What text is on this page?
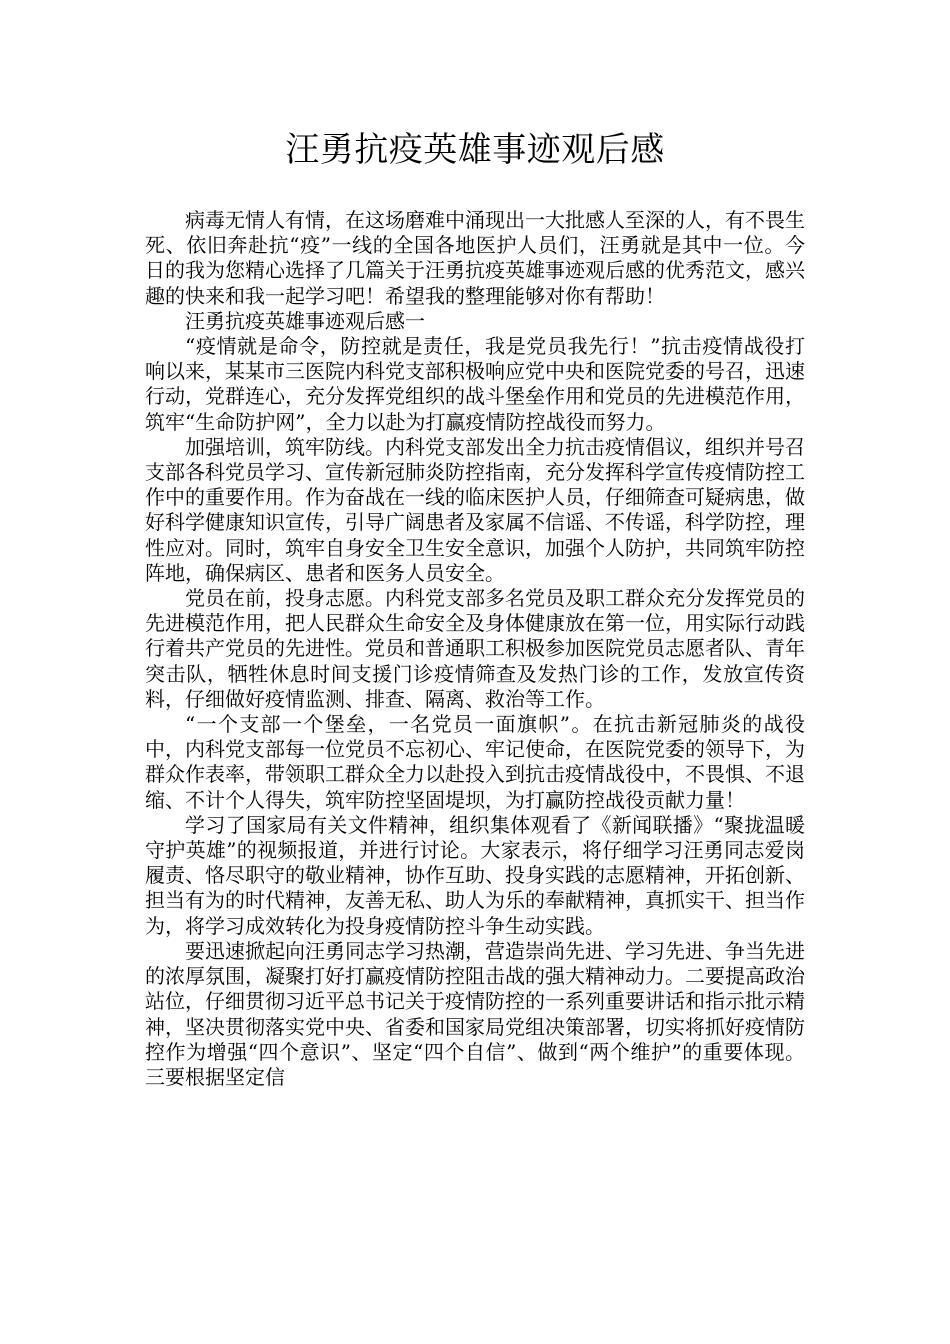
汪勇抗疫英雄事迹观后感

病毒无情人有情，在这场磨难中涌现出一大批感人至深的人，有不畏生死、依旧奔赴抗“疫”一线的全国各地医护人员们，汪勇就是其中一位。今日的我为您精心选择了几篇关于汪勇抗疫英雄事迹观后感的优秀范文，感兴趣的快来和我一起学习吧！希望我的整理能够对你有帮助！

汪勇抗疫英雄事迹观后感一

“疫情就是命令，防控就是责任，我是党员我先行！”抗击疫情战役打响以来，某某市三医院内科党支部积极响应党中央和医院党委的号召，迅速行动，党群连心，充分发挥党组织的战斗堡垒作用和党员的先进模范作用，筑牢“生命防护网”，全力以赴为打赢疫情防控战役而努力。

加强培训，筑牢防线。内科党支部发出全力抗击疫情倡议，组织并号召支部各科党员学习、宣传新冠肺炎防控指南，充分发挥科学宣传疫情防控工作中的重要作用。作为奋战在一线的临床医护人员，仔细筛查可疑病患，做好科学健康知识宣传，引导广阔患者及家属不信谣、不传谣，科学防控，理性应对。同时，筑牢自身安全卫生安全意识，加强个人防护，共同筑牢防控阵地，确保病区、患者和医务人员安全。

党员在前，投身志愿。内科党支部多名党员及职工群众充分发挥党员的先进模范作用，把人民群众生命安全及身体健康放在第一位，用实际行动践行着共产党员的先进性。党员和普通职工积极参加医院党员志愿者队、青年突击队，牺牲休息时间支援门诊疫情筛查及发热门诊的工作，发放宣传资料，仔细做好疫情监测、排查、隔离、救治等工作。

“一个支部一个堡垒，一名党员一面旗帜”。在抗击新冠肺炎的战役中，内科党支部每一位党员不忘初心、牢记使命，在医院党委的领导下，为群众作表率，带领职工群众全力以赴投入到抗击疫情战役中，不畏惧、不退缩、不计个人得失，筑牢防控坚固堤坝，为打赢防控战役贡献力量！

学习了国家局有关文件精神，组织集体观看了《新闻联播》“聚拢温暖守护英雄”的视频报道，并进行讨论。大家表示，将仔细学习汪勇同志爱岗履责、恪尽职守的敬业精神，协作互助、投身实践的志愿精神，开拓创新、担当有为的时代精神，友善无私、助人为乐的奉献精神，真抓实干、担当作为，将学习成效转化为投身疫情防控斗争生动实践。

要迅速掀起向汪勇同志学习热潮，营造崇尚先进、学习先进、争当先进的浓厚氛围，凝聚打好打赢疫情防控阻击战的强大精神动力。二要提高政治站位，仔细贯彻习近平总书记关于疫情防控的一系列重要讲话和指示批示精神，坚决贯彻落实党中央、省委和国家局党组决策部署，切实将抓好疫情防控作为增强“四个意识”、坚定“四个自信”、做到“两个维护”的重要体现。三要根据坚定信
